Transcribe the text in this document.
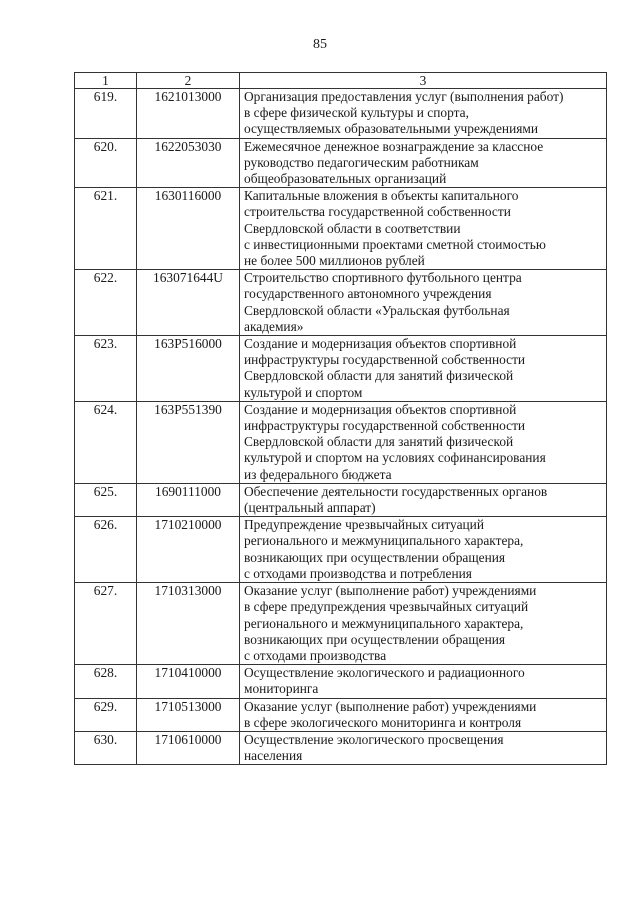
85
1	2	3
619.	1621013000	Организация предоставления услуг (выполнения работ)
в сфере физической культуры и спорта,
осуществляемых образовательными учреждениями
620.	1622053030	Ежемесячное денежное вознаграждение за классное
руководство педагогическим работникам
общеобразовательных организаций
621.	1630116000	Капитальные вложения в объекты капитального
строительства государственной собственности
Свердловской области в соответствии
с инвестиционными проектами сметной стоимостью
не более 500 миллионов рублей
622.	163071644U	Строительство спортивного футбольного центра
государственного автономного учреждения
Свердловской области «Уральская футбольная
академия»
623.	163P516000	Создание и модернизация объектов спортивной
инфраструктуры государственной собственности
Свердловской области для занятий физической
культурой и спортом
624.	163P551390	Создание и модернизация объектов спортивной
инфраструктуры государственной собственности
Свердловской области для занятий физической
культурой и спортом на условиях софинансирования
из федерального бюджета
625.	1690111000	Обеспечение деятельности государственных органов
(центральный аппарат)
626.	1710210000	Предупреждение чрезвычайных ситуаций
регионального и межмуниципального характера,
возникающих при осуществлении обращения
с отходами производства и потребления
627.	1710313000	Оказание услуг (выполнение работ) учреждениями
в сфере предупреждения чрезвычайных ситуаций
регионального и межмуниципального характера,
возникающих при осуществлении обращения
с отходами производства
628.	1710410000	Осуществление экологического и радиационного
мониторинга
629.	1710513000	Оказание услуг (выполнение работ) учреждениями
в сфере экологического мониторинга и контроля
630.	1710610000	Осуществление экологического просвещения
населения
